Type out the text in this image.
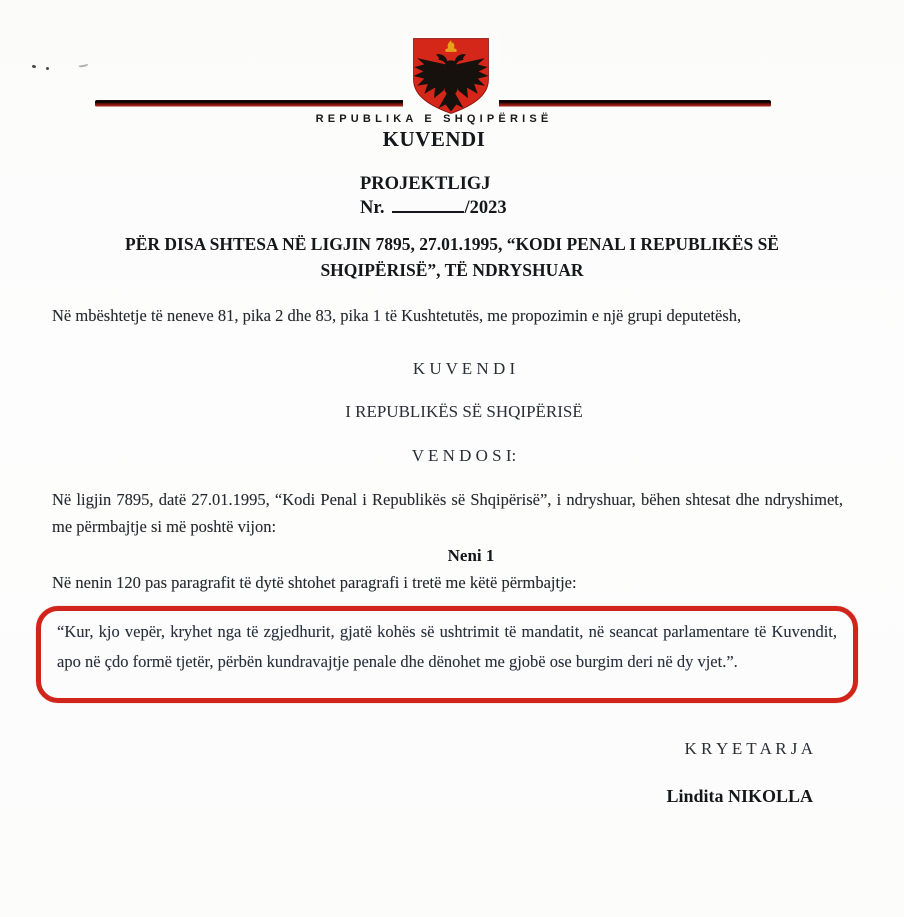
REPUBLIKA E SHQIPËRISË
KUVENDI
PROJEKTLIGJ
Nr.	/2023
PËR DISA SHTESA NË LIGJIN 7895, 27.01.1995, “KODI PENAL I REPUBLIKËS SË
SHQIPËRISË”, TË NDRYSHUAR
Në mbështetje të neneve 81, pika 2 dhe 83, pika 1 të Kushtetutës, me propozimin e një grupi deputetësh,
K U V E N D I
I REPUBLIKËS SË SHQIPËRISË
V E N D O S I:
Në ligjin 7895, datë 27.01.1995, “Kodi Penal i Republikës së Shqipërisë”, i ndryshuar, bëhen shtesat dhe ndryshimet, me përmbajtje si më poshtë vijon:
Neni 1
Në nenin 120 pas paragrafit të dytë shtohet paragrafi i tretë me këtë përmbajtje:
“Kur, kjo vepër, kryhet nga të zgjedhurit, gjatë kohës së ushtrimit të mandatit, në seancat parlamentare të Kuvendit, apo në çdo formë tjetër, përbën kundravajtje penale dhe dënohet me gjobë ose burgim deri në dy vjet.”.
K R Y E T A R J A
Lindita NIKOLLA
